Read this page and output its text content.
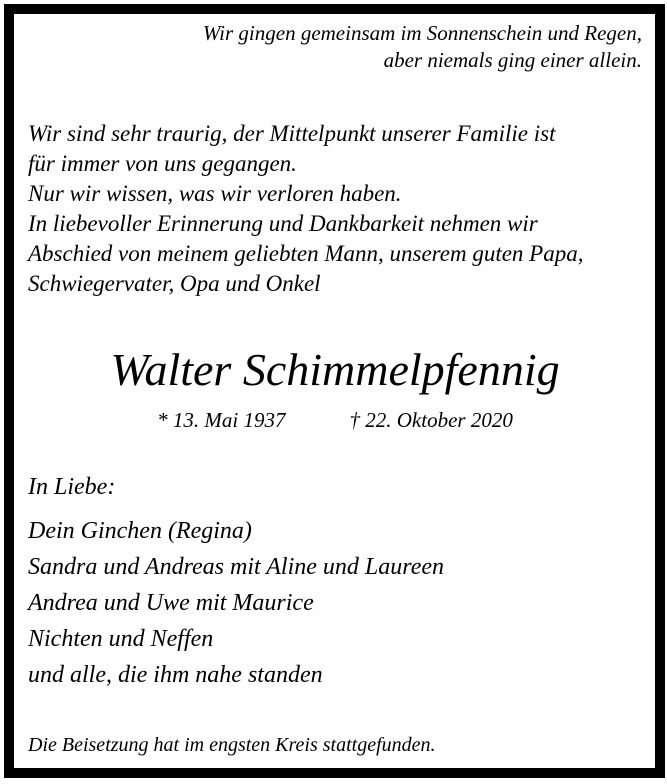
Wir gingen gemeinsam im Sonnenschein und Regen,
aber niemals ging einer allein.
Wir sind sehr traurig, der Mittelpunkt unserer Familie ist
für immer von uns gegangen.
Nur wir wissen, was wir verloren haben.
In liebevoller Erinnerung und Dankbarkeit nehmen wir
Abschied von meinem geliebten Mann, unserem guten Papa,
Schwiegervater, Opa und Onkel
Walter Schimmelpfennig
* 13. Mai 1937	† 22. Oktober 2020
In Liebe:
Dein Ginchen (Regina)
Sandra und Andreas mit Aline und Laureen
Andrea und Uwe mit Maurice
Nichten und Neffen
und alle, die ihm nahe standen
Die Beisetzung hat im engsten Kreis stattgefunden.
